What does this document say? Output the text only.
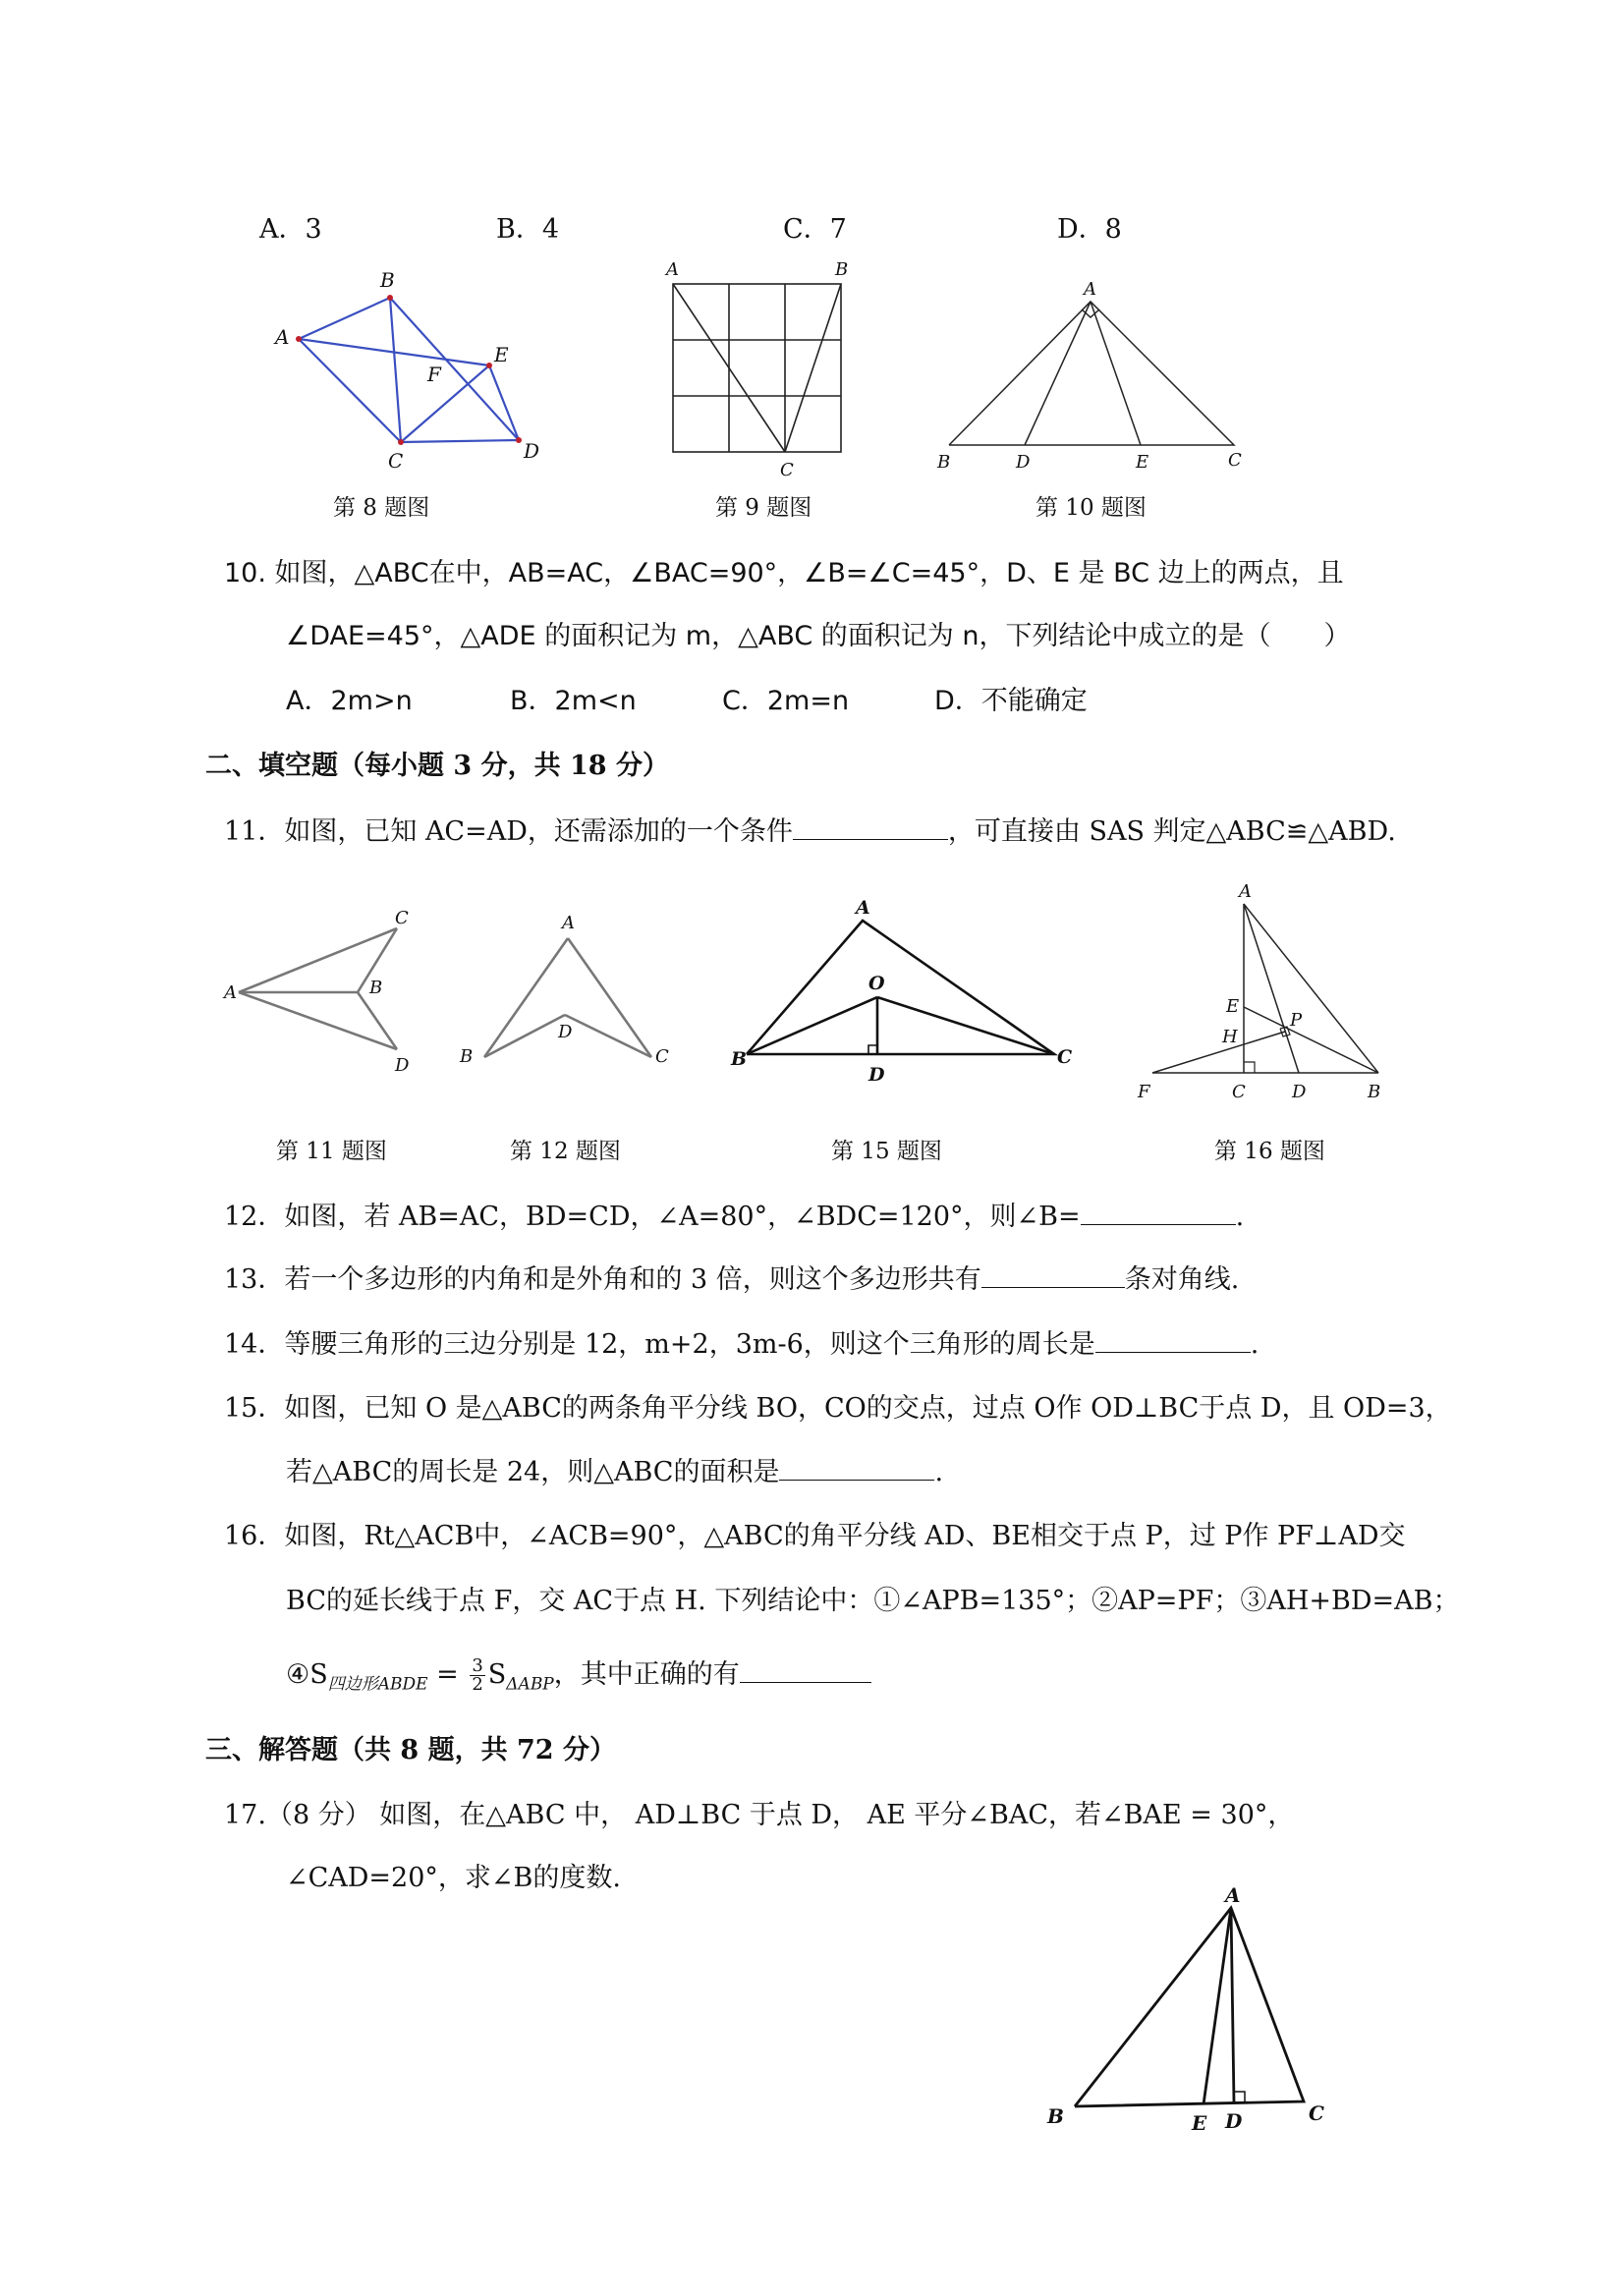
A．3	B．4	C．7	D．8
A
B
C	D
E
F
第 8 题图
A	B
C
第 9 题图
A
B	D	E	C
第 10 题图
10. 如图，△ABC在中，AB=AC，∠BAC=90°，∠B=∠C=45°，D、E 是 BC 边上的两点，且
∠DAE=45°，△ADE 的面积记为 m，△ABC 的面积记为 n，下列结论中成立的是（　　）
A．2m>n	B．2m<n	C．2m=n	D．不能确定
二、填空题（每小题 3 分，共 18 分）
11．如图，已知 AC=AD，还需添加的一个条件	，可直接由 SAS 判定△ABC≌△ABD.
A
C
B
D
第 11 题图
A
D
B	C
第 12 题图
A
O
B
D
C
第 15 题图
A
E
P
H
F	C	D	B
第 16 题图
12．如图，若 AB=AC，BD=CD，∠A=80°，∠BDC=120°，则∠B=	.
13．若一个多边形的内角和是外角和的 3 倍，则这个多边形共有	条对角线.
14．等腰三角形的三边分别是 12，m+2，3m-6，则这个三角形的周长是	.
15．如图，已知 O 是△ABC的两条角平分线 BO，CO的交点，过点 O作 OD⊥BC于点 D，且 OD=3，
若△ABC的周长是 24，则△ABC的面积是	.
16．如图，Rt△ACB中，∠ACB=90°，△ABC的角平分线 AD、BE相交于点 P，过 P作 PF⊥AD交
BC的延长线于点 F，交 AC于点 H. 下列结论中：①∠APB=135°；②AP=PF；③AH+BD=AB；
$④S_{四边形ABDE} = \frac{3}{2} S_{\Delta ABP}$，其中正确的有
三、解答题（共 8 题，共 72 分）
17.（8 分） 如图，在△ABC 中， AD⊥BC 于点 D， AE 平分∠BAC，若∠BAE = 30°，
∠CAD=20°，求∠B的度数.
A
B	E D	C
